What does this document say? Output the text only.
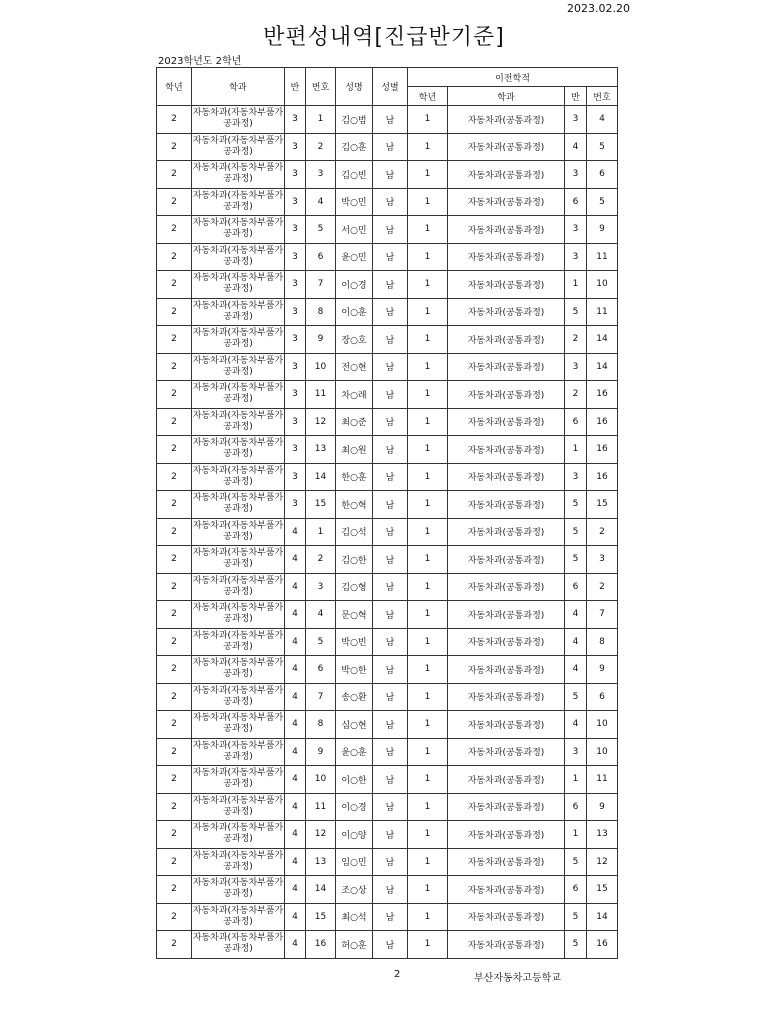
2023.02.20
반편성내역[진급반기준]
2023학년도 2학년
학년	학과	반	번호	성명	성별	이전학적			
						학년	학과	반	번호
2	자동차과(자동차부품가공과정)	3	1	김○범	남	1	자동차과(공통과정)	3	4
2	자동차과(자동차부품가공과정)	3	2	김○훈	남	1	자동차과(공통과정)	4	5
2	자동차과(자동차부품가공과정)	3	3	김○빈	남	1	자동차과(공통과정)	3	6
2	자동차과(자동차부품가공과정)	3	4	박○민	남	1	자동차과(공통과정)	6	5
2	자동차과(자동차부품가공과정)	3	5	서○민	남	1	자동차과(공통과정)	3	9
2	자동차과(자동차부품가공과정)	3	6	윤○민	남	1	자동차과(공통과정)	3	11
2	자동차과(자동차부품가공과정)	3	7	이○경	남	1	자동차과(공통과정)	1	10
2	자동차과(자동차부품가공과정)	3	8	이○훈	남	1	자동차과(공통과정)	5	11
2	자동차과(자동차부품가공과정)	3	9	장○호	남	1	자동차과(공통과정)	2	14
2	자동차과(자동차부품가공과정)	3	10	전○현	남	1	자동차과(공통과정)	3	14
2	자동차과(자동차부품가공과정)	3	11	차○래	남	1	자동차과(공통과정)	2	16
2	자동차과(자동차부품가공과정)	3	12	최○준	남	1	자동차과(공통과정)	6	16
2	자동차과(자동차부품가공과정)	3	13	최○원	남	1	자동차과(공통과정)	1	16
2	자동차과(자동차부품가공과정)	3	14	한○훈	남	1	자동차과(공통과정)	3	16
2	자동차과(자동차부품가공과정)	3	15	한○혁	남	1	자동차과(공통과정)	5	15
2	자동차과(자동차부품가공과정)	4	1	김○석	남	1	자동차과(공통과정)	5	2
2	자동차과(자동차부품가공과정)	4	2	김○한	남	1	자동차과(공통과정)	5	3
2	자동차과(자동차부품가공과정)	4	3	김○형	남	1	자동차과(공통과정)	6	2
2	자동차과(자동차부품가공과정)	4	4	문○혁	남	1	자동차과(공통과정)	4	7
2	자동차과(자동차부품가공과정)	4	5	박○빈	남	1	자동차과(공통과정)	4	8
2	자동차과(자동차부품가공과정)	4	6	박○한	남	1	자동차과(공통과정)	4	9
2	자동차과(자동차부품가공과정)	4	7	송○환	남	1	자동차과(공통과정)	5	6
2	자동차과(자동차부품가공과정)	4	8	심○현	남	1	자동차과(공통과정)	4	10
2	자동차과(자동차부품가공과정)	4	9	윤○훈	남	1	자동차과(공통과정)	3	10
2	자동차과(자동차부품가공과정)	4	10	이○한	남	1	자동차과(공통과정)	1	11
2	자동차과(자동차부품가공과정)	4	11	이○경	남	1	자동차과(공통과정)	6	9
2	자동차과(자동차부품가공과정)	4	12	이○양	남	1	자동차과(공통과정)	1	13
2	자동차과(자동차부품가공과정)	4	13	임○민	남	1	자동차과(공통과정)	5	12
2	자동차과(자동차부품가공과정)	4	14	조○상	남	1	자동차과(공통과정)	6	15
2	자동차과(자동차부품가공과정)	4	15	최○석	남	1	자동차과(공통과정)	5	14
2	자동차과(자동차부품가공과정)	4	16	허○훈	남	1	자동차과(공통과정)	5	16
2	부산자동차고등학교
